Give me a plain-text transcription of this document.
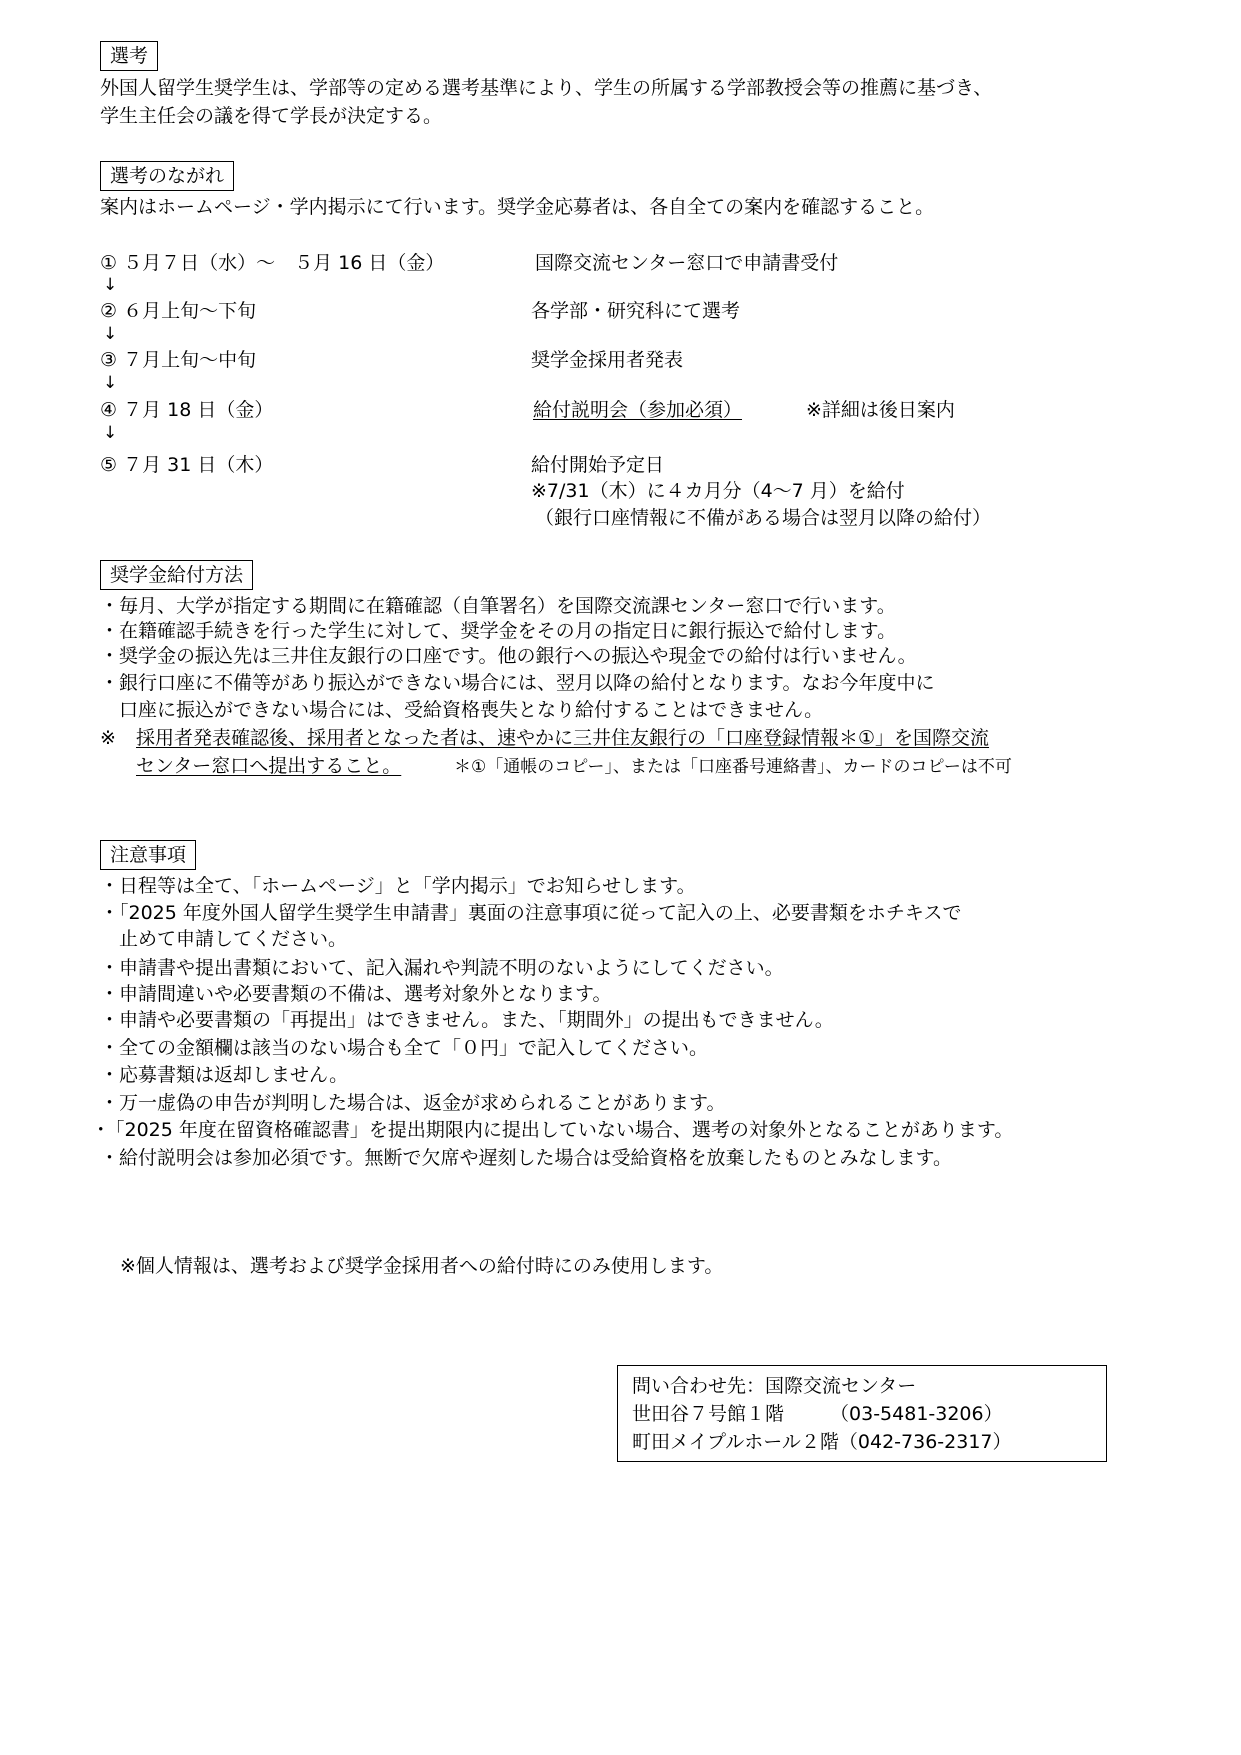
選考
外国人留学生奨学生は、学部等の定める選考基準により、学生の所属する学部教授会等の推薦に基づき、
学生主任会の議を得て学長が決定する。
選考のながれ
案内はホームページ・学内掲示にて行います。奨学金応募者は、各自全ての案内を確認すること。
① ５月７日（水）～　５月 16 日（金）	国際交流センター窓口で申請書受付
↓
② ６月上旬～下旬	各学部・研究科にて選考
↓
③ ７月上旬～中旬	奨学金採用者発表
↓
④ ７月 18 日（金）	給付説明会（参加必須）	※詳細は後日案内
↓
⑤ ７月 31 日（木）	給付開始予定日
※7/31（木）に４カ月分（4～7 月）を給付
（銀行口座情報に不備がある場合は翌月以降の給付）
奨学金給付方法
・毎月、大学が指定する期間に在籍確認（自筆署名）を国際交流課センター窓口で行います。
・在籍確認手続きを行った学生に対して、奨学金をその月の指定日に銀行振込で給付します。
・奨学金の振込先は三井住友銀行の口座です。他の銀行への振込や現金での給付は行いません。
・銀行口座に不備等があり振込ができない場合には、翌月以降の給付となります。なお今年度中に
　口座に振込ができない場合には、受給資格喪失となり給付することはできません。
※ 採用者発表確認後、採用者となった者は、速やかに三井住友銀行の「口座登録情報＊①」を国際交流
センター窓口へ提出すること。	＊①「通帳のコピー」、または「口座番号連絡書」、カードのコピーは不可
注意事項
・日程等は全て、「ホームページ」と「学内掲示」でお知らせします。
・「2025 年度外国人留学生奨学生申請書」裏面の注意事項に従って記入の上、必要書類をホチキスで
　止めて申請してください。
・申請書や提出書類において、記入漏れや判読不明のないようにしてください。
・申請間違いや必要書類の不備は、選考対象外となります。
・申請や必要書類の「再提出」はできません。また、「期間外」の提出もできません。
・全ての金額欄は該当のない場合も全て「０円」で記入してください。
・応募書類は返却しません。
・万一虚偽の申告が判明した場合は、返金が求められることがあります。
･「2025 年度在留資格確認書」を提出期限内に提出していない場合、選考の対象外となることがあります。
・給付説明会は参加必須です。無断で欠席や遅刻した場合は受給資格を放棄したものとみなします。
※個人情報は、選考および奨学金採用者への給付時にのみ使用します。
問い合わせ先：国際交流センター
世田谷７号館１階 （03-5481-3206）
町田メイプルホール２階（042-736-2317）
